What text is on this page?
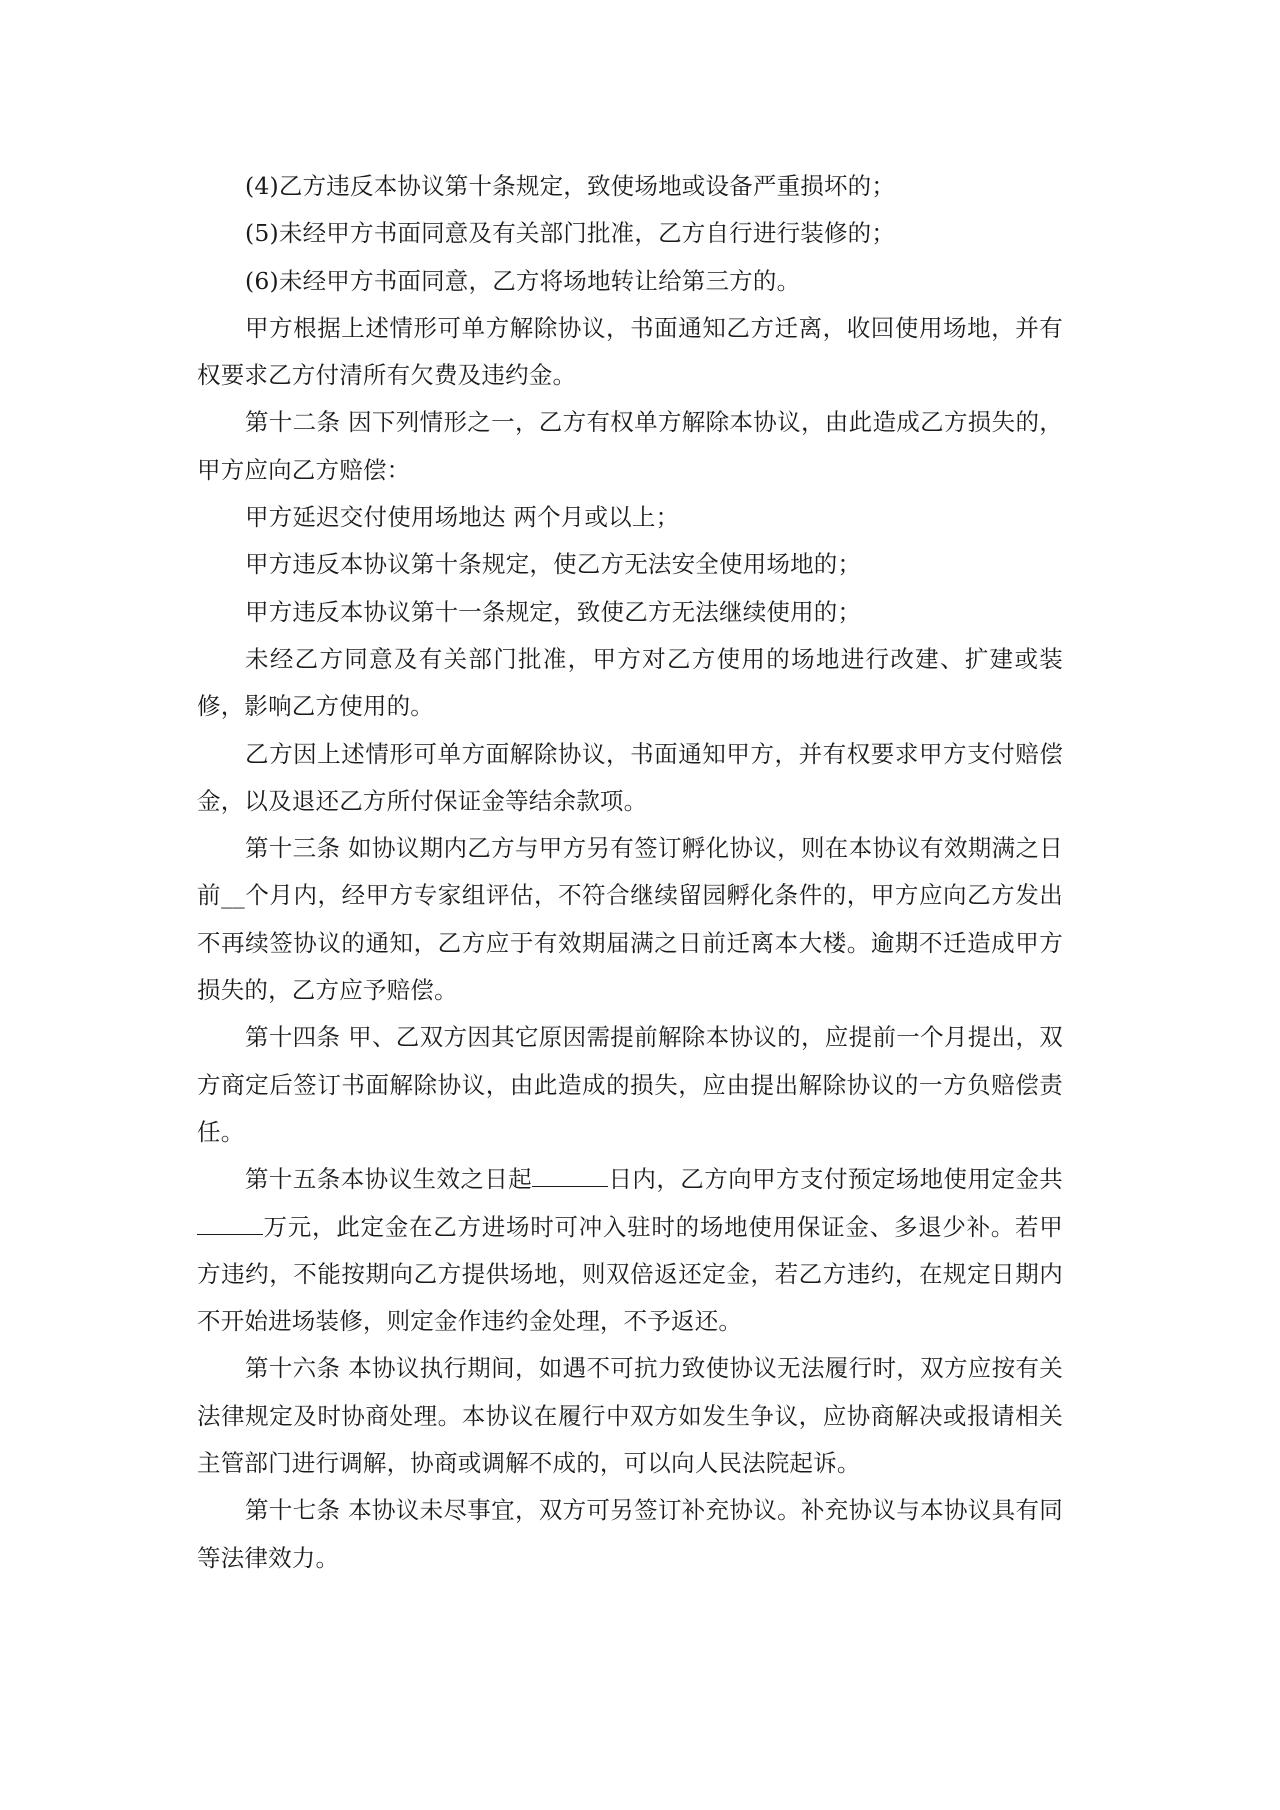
(4)乙方违反本协议第十条规定，致使场地或设备严重损坏的；

(5)未经甲方书面同意及有关部门批准，乙方自行进行装修的；

(6)未经甲方书面同意，乙方将场地转让给第三方的。

甲方根据上述情形可单方解除协议，书面通知乙方迁离，收回使用场地，并有权要求乙方付清所有欠费及违约金。

第十二条 因下列情形之一，乙方有权单方解除本协议，由此造成乙方损失的，甲方应向乙方赔偿：

甲方延迟交付使用场地达 两个月或以上；

甲方违反本协议第十条规定，使乙方无法安全使用场地的；

甲方违反本协议第十一条规定，致使乙方无法继续使用的；

未经乙方同意及有关部门批准，甲方对乙方使用的场地进行改建、扩建或装修，影响乙方使用的。

乙方因上述情形可单方面解除协议，书面通知甲方，并有权要求甲方支付赔偿金，以及退还乙方所付保证金等结余款项。

第十三条 如协议期内乙方与甲方另有签订孵化协议，则在本协议有效期满之日前__个月内，经甲方专家组评估，不符合继续留园孵化条件的，甲方应向乙方发出不再续签协议的通知，乙方应于有效期届满之日前迁离本大楼。逾期不迁造成甲方损失的，乙方应予赔偿。

第十四条 甲、乙双方因其它原因需提前解除本协议的，应提前一个月提出，双方商定后签订书面解除协议，由此造成的损失，应由提出解除协议的一方负赔偿责任。

第十五条本协议生效之日起	日内，乙方向甲方支付预定场地使用定金共万元，此定金在乙方进场时可冲入驻时的场地使用保证金、多退少补。若甲方违约，不能按期向乙方提供场地，则双倍返还定金，若乙方违约，在规定日期内不开始进场装修，则定金作违约金处理，不予返还。

第十六条 本协议执行期间，如遇不可抗力致使协议无法履行时，双方应按有关法律规定及时协商处理。本协议在履行中双方如发生争议，应协商解决或报请相关主管部门进行调解，协商或调解不成的，可以向人民法院起诉。

第十七条 本协议未尽事宜，双方可另签订补充协议。补充协议与本协议具有同等法律效力。
